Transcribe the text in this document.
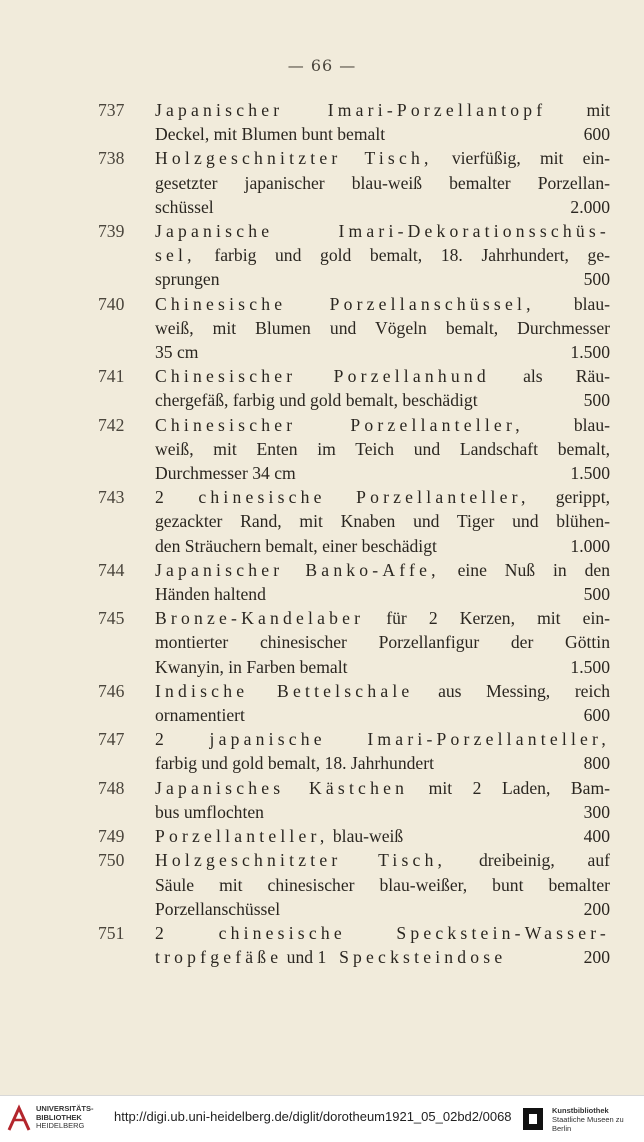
— 66 —
737	Japanischer Imari-Porzellantopf mit
Deckel, mit Blumen bunt bemalt	600
738	Holzgeschnitzter Tisch, vierfüßig, mit ein-
gesetzter japanischer blau-weiß bemalter Porzellan-
schüssel	2.000
739	Japanische Imari-Dekorationsschüs-
sel, farbig und gold bemalt, 18. Jahrhundert, ge-
sprungen	500
740	Chinesische Porzellanschüssel, blau-
weiß, mit Blumen und Vögeln bemalt, Durchmesser
35 cm	1.500
741	Chinesischer Porzellanhund als Räu-
chergefäß, farbig und gold bemalt, beschädigt	500
742	Chinesischer Porzellanteller, blau-
weiß, mit Enten im Teich und Landschaft bemalt,
Durchmesser 34 cm	1.500
743	2 chinesische Porzellanteller, gerippt,
gezackter Rand, mit Knaben und Tiger und blühen-
den Sträuchern bemalt, einer beschädigt	1.000
744	Japanischer Banko-Affe, eine Nuß in den
Händen haltend	500
745	Bronze-Kandelaber für 2 Kerzen, mit ein-
montierter chinesischer Porzellanfigur der Göttin
Kwanyin, in Farben bemalt	1.500
746	Indische Bettelschale aus Messing, reich
ornamentiert	600
747	2 japanische Imari-Porzellanteller,
farbig und gold bemalt, 18. Jahrhundert	800
748	Japanisches Kästchen mit 2 Laden, Bam-
bus umflochten	300
749	Porzellanteller, blau-weiß	400
750	Holzgeschnitzter Tisch, dreibeinig, auf
Säule mit chinesischer blau-weißer, bunt bemalter
Porzellanschüssel	200
751	2 chinesische Speckstein-Wasser-
tropfgefäße und 1 Specksteindose	200
UNIVERSITÄTS-
BIBLIOTHEK
HEIDELBERG
http://digi.ub.uni-heidelberg.de/diglit/dorotheum1921_05_02bd2/0068	Kunstbibliothek
Staatliche Museen zu Berlin
